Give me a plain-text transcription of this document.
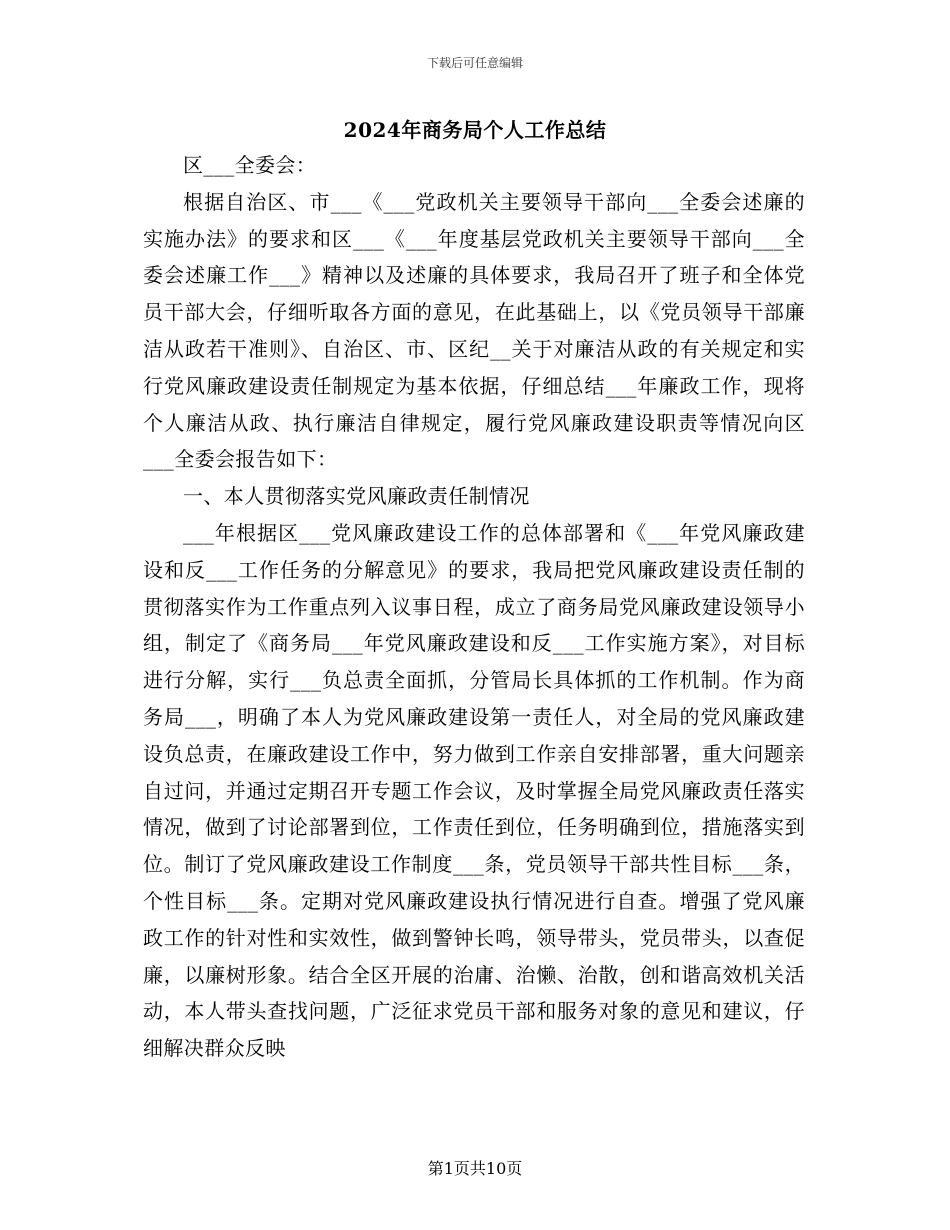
下载后可任意编辑
2024年商务局个人工作总结

区___全委会：

根据自治区、市___《___党政机关主要领导干部向___全委会述廉的实施办法》的要求和区___《___年度基层党政机关主要领导干部向___全委会述廉工作___》精神以及述廉的具体要求，我局召开了班子和全体党员干部大会，仔细听取各方面的意见，在此基础上，以《党员领导干部廉洁从政若干准则》、自治区、市、区纪__关于对廉洁从政的有关规定和实行党风廉政建设责任制规定为基本依据，仔细总结___年廉政工作，现将个人廉洁从政、执行廉洁自律规定，履行党风廉政建设职责等情况向区___全委会报告如下：

一、本人贯彻落实党风廉政责任制情况

___年根据区___党风廉政建设工作的总体部署和《___年党风廉政建设和反___工作任务的分解意见》的要求，我局把党风廉政建设责任制的贯彻落实作为工作重点列入议事日程，成立了商务局党风廉政建设领导小组，制定了《商务局___年党风廉政建设和反___工作实施方案》，对目标进行分解，实行___负总责全面抓，分管局长具体抓的工作机制。作为商务局___，明确了本人为党风廉政建设第一责任人，对全局的党风廉政建设负总责，在廉政建设工作中，努力做到工作亲自安排部署，重大问题亲自过问，并通过定期召开专题工作会议，及时掌握全局党风廉政责任落实情况，做到了讨论部署到位，工作责任到位，任务明确到位，措施落实到位。制订了党风廉政建设工作制度___条，党员领导干部共性目标___条，个性目标___条。定期对党风廉政建设执行情况进行自查。增强了党风廉政工作的针对性和实效性，做到警钟长鸣，领导带头，党员带头，以查促廉，以廉树形象。结合全区开展的治庸、治懒、治散，创和谐高效机关活动，本人带头查找问题，广泛征求党员干部和服务对象的意见和建议，仔细解决群众反映

第1页共10页
